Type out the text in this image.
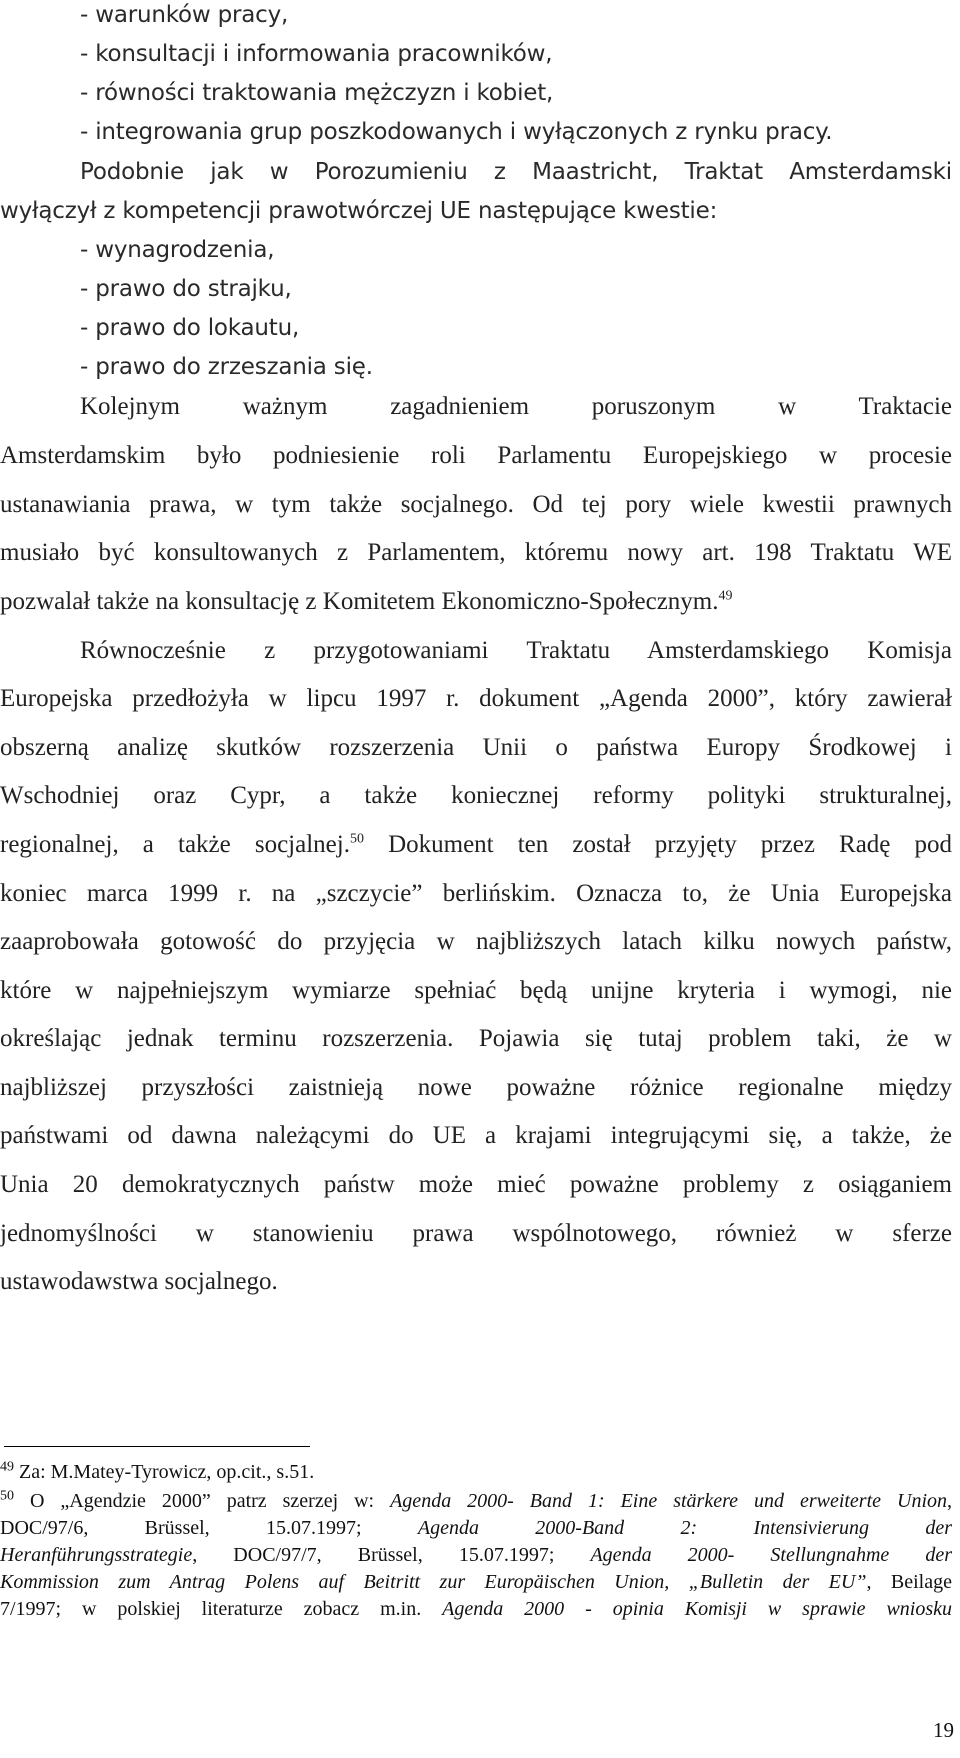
- warunków pracy,
- konsultacji i informowania pracowników,
- równości traktowania mężczyzn i kobiet,
- integrowania grup poszkodowanych i wyłączonych z rynku pracy.
Podobnie jak w Porozumieniu z Maastricht, Traktat Amsterdamski
wyłączył z kompetencji prawotwórczej UE następujące kwestie:
- wynagrodzenia,
- prawo do strajku,
- prawo do lokautu,
- prawo do zrzeszania się.
Kolejnym ważnym zagadnieniem poruszonym w Traktacie
Amsterdamskim było podniesienie roli Parlamentu Europejskiego w procesie
ustanawiania prawa, w tym także socjalnego. Od tej pory wiele kwestii prawnych
musiało być konsultowanych z Parlamentem, któremu nowy art. 198 Traktatu WE
pozwalał także na konsultację z Komitetem Ekonomiczno-Społecznym.$^{49}$
Równocześnie z przygotowaniami Traktatu Amsterdamskiego Komisja
Europejska przedłożyła w lipcu 1997 r. dokument „Agenda 2000”, który zawierał
obszerną analizę skutków rozszerzenia Unii o państwa Europy Środkowej i
Wschodniej oraz Cypr, a także koniecznej reformy polityki strukturalnej,
regionalnej, a także socjalnej.$^{50}$ Dokument ten został przyjęty przez Radę pod
koniec marca 1999 r. na „szczycie” berlińskim. Oznacza to, że Unia Europejska
zaaprobowała gotowość do przyjęcia w najbliższych latach kilku nowych państw,
które w najpełniejszym wymiarze spełniać będą unijne kryteria i wymogi, nie
określając jednak terminu rozszerzenia. Pojawia się tutaj problem taki, że w
najbliższej przyszłości zaistnieją nowe poważne różnice regionalne między
państwami od dawna należącymi do UE a krajami integrującymi się, a także, że
Unia 20 demokratycznych państw może mieć poważne problemy z osiąganiem
jednomyślności w stanowieniu prawa wspólnotowego, również w sferze
ustawodawstwa socjalnego.
$^{49}$ Za: M.Matey-Tyrowicz, op.cit., s.51.
$^{50}$ O „Agendzie 2000” patrz szerzej w: Agenda 2000- Band 1: Eine stärkere und erweiterte Union,
DOC/97/6, Brüssel, 15.07.1997; Agenda 2000-Band 2: Intensivierung der
Heranführungsstrategie, DOC/97/7, Brüssel, 15.07.1997; Agenda 2000- Stellungnahme der
Kommission zum Antrag Polens auf Beitritt zur Europäischen Union, „Bulletin der EU”, Beilage
7/1997; w polskiej literaturze zobacz m.in. Agenda 2000 - opinia Komisji w sprawie wniosku
19
